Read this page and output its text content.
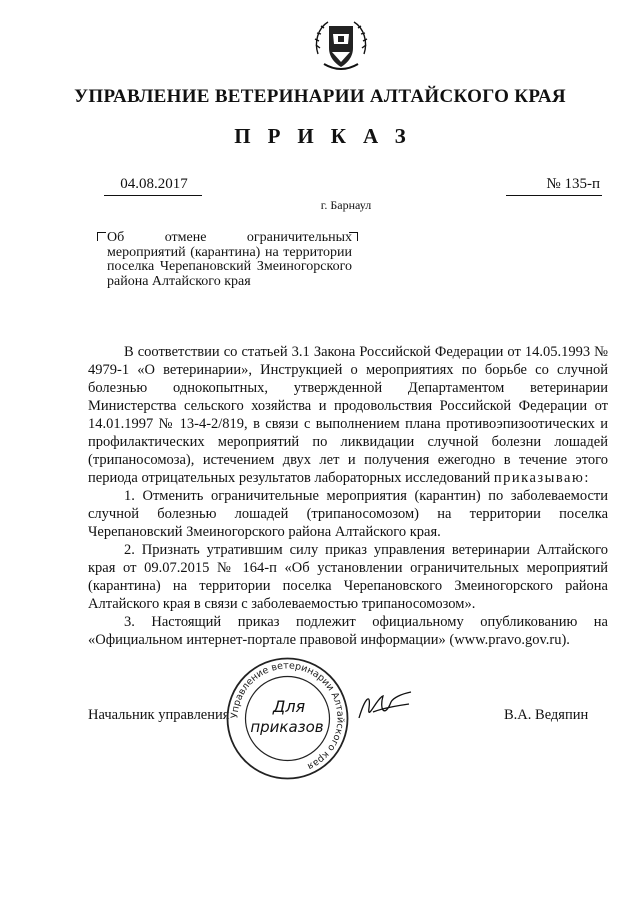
УПРАВЛЕНИЕ ВЕТЕРИНАРИИ АЛТАЙСКОГО КРАЯ
ПРИКАЗ
04.08.2017	№ 135-п
г. Барнаул
Об отмене ограничительных мероприятий (карантина) на территории поселка Черепановский Змеиногорского района Алтайского края

В соответствии со статьей 3.1 Закона Российской Федерации от 14.05.1993 № 4979-1 «О ветеринарии», Инструкцией о мероприятиях по борьбе со случной болезнью однокопытных, утвержденной Департаментом ветеринарии Министерства сельского хозяйства и продовольствия Российской Федерации от 14.01.1997 № 13-4-2/819, в связи с выполнением плана противоэпизоотических и профилактических мероприятий по ликвидации случной болезни лошадей (трипаносомоза), истечением двух лет и получения ежегодно в течение этого периода отрицательных результатов лабораторных исследований приказываю:

1. Отменить ограничительные мероприятия (карантин) по заболеваемости случной болезнью лошадей (трипаносомозом) на территории поселка Черепановский Змеиногорского района Алтайского края.

2. Признать утратившим силу приказ управления ветеринарии Алтайского края от 09.07.2015 № 164-п «Об установлении ограничительных мероприятий (карантина) на территории поселка Черепановского Змеиногорского района Алтайского края в связи с заболеваемостью трипаносомозом».

3. Настоящий приказ подлежит официальному опубликованию на «Официальном интернет-портале правовой информации» (www.pravo.gov.ru).

Начальник управления	В.А. Ведяпин
Управление ветеринарии Алтайского края
Для
приказов
